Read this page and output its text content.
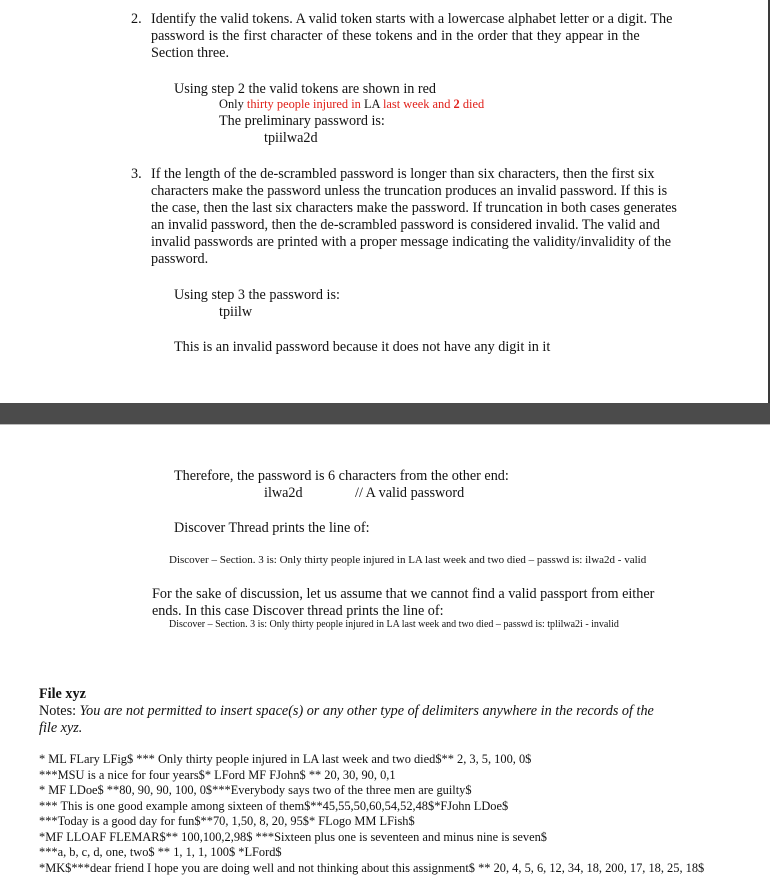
2. Identify the valid tokens. A valid token starts with a lowercase alphabet letter or a digit. The
password is the first character of these tokens and in the order that they appear in the
Section three.
Using step 2 the valid tokens are shown in red
Only thirty people injured in LA last week and 2 died
The preliminary password is:
tpiilwa2d
3. If the length of the de-scrambled password is longer than six characters, then the first six
characters make the password unless the truncation produces an invalid password. If this is
the case, then the last six characters make the password. If truncation in both cases generates
an invalid password, then the de-scrambled password is considered invalid. The valid and
invalid passwords are printed with a proper message indicating the validity/invalidity of the
password.
Using step 3 the password is:
tpiilw
This is an invalid password because it does not have any digit in it
Therefore, the password is 6 characters from the other end:
ilwa2d	// A valid password
Discover Thread prints the line of:
Discover – Section. 3 is: Only thirty people injured in LA last week and two died – passwd is: ilwa2d - valid
For the sake of discussion, let us assume that we cannot find a valid passport from either
ends. In this case Discover thread prints the line of:
Discover – Section. 3 is: Only thirty people injured in LA last week and two died – passwd is: tplilwa2i - invalid
File xyz
Notes: You are not permitted to insert space(s) or any other type of delimiters anywhere in the records of the
file xyz.
* ML FLary LFig$ *** Only thirty people injured in LA last week and two died$** 2, 3, 5, 100, 0$
***MSU is a nice for four years$* LFord MF FJohn$ ** 20, 30, 90, 0,1
* MF LDoe$ **80, 90, 90, 100, 0$***Everybody says two of the three men are guilty$
*** This is one good example among sixteen of them$**45,55,50,60,54,52,48$*FJohn LDoe$
***Today is a good day for fun$**70, 1,50, 8, 20, 95$* FLogo MM LFish$
*MF LLOAF FLEMAR$** 100,100,2,98$ ***Sixteen plus one is seventeen and minus nine is seven$
***a, b, c, d, one, two$ ** 1, 1, 1, 100$ *LFord$
*MK$***dear friend I hope you are doing well and not thinking about this assignment$ ** 20, 4, 5, 6, 12, 34, 18, 200, 17, 18, 25, 18$
